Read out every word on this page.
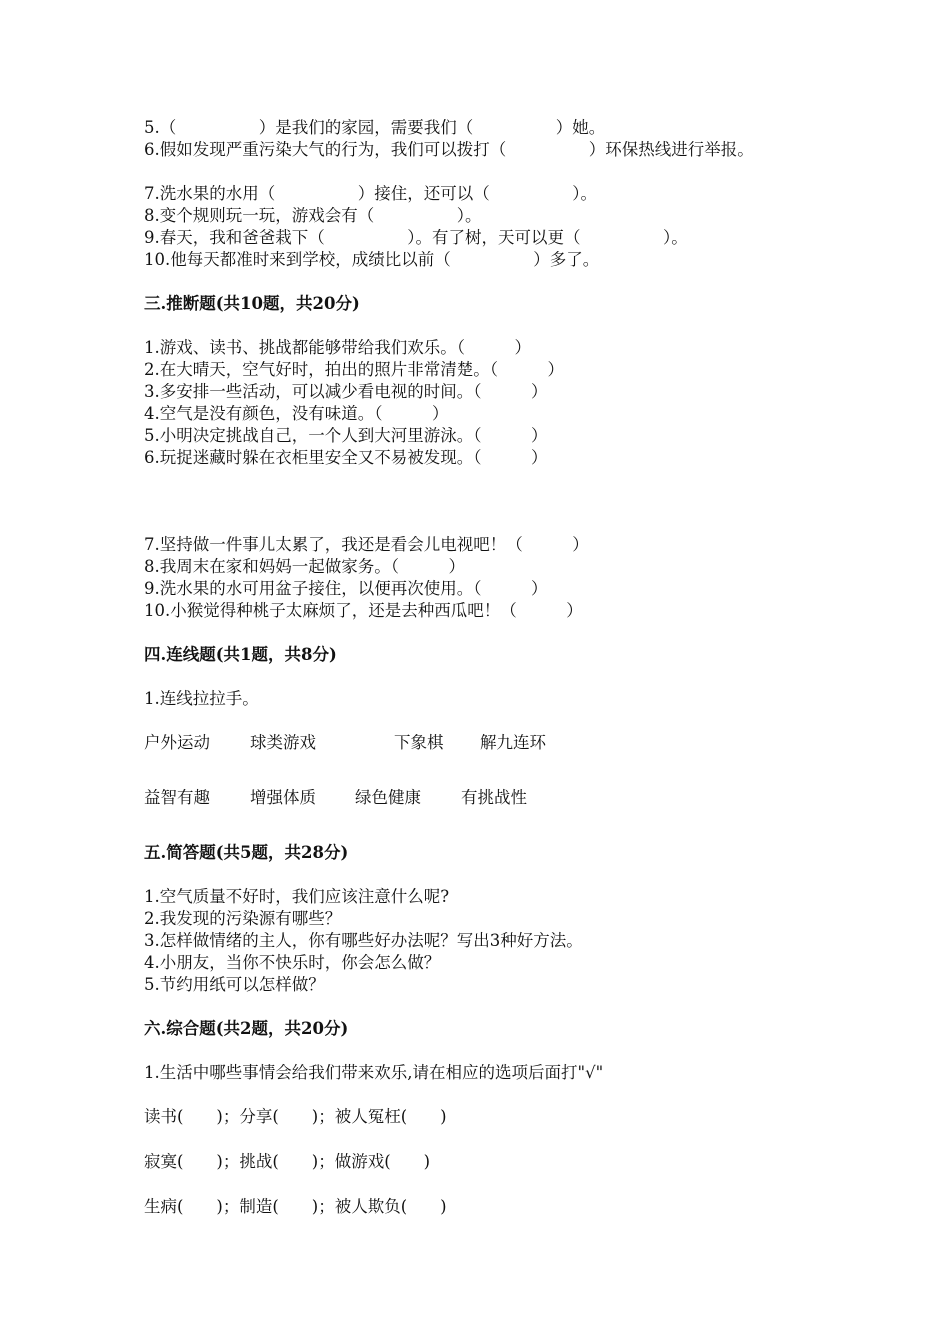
5.（　　　　　）是我们的家园，需要我们（　　　　　）她。
6.假如发现严重污染大气的行为，我们可以拨打（　　　　　）环保热线进行举报。
7.洗水果的水用（　　　　　）接住，还可以（　　　　　）。
8.变个规则玩一玩，游戏会有（　　　　　）。
9.春天，我和爸爸栽下（　　　　　）。有了树，天可以更（　　　　　）。
10.他每天都准时来到学校，成绩比以前（　　　　　）多了。
三.推断题(共10题，共20分)
1.游戏、读书、挑战都能够带给我们欢乐。（　　　）
2.在大晴天，空气好时，拍出的照片非常清楚。（　　　）
3.多安排一些活动，可以减少看电视的时间。（　　　）
4.空气是没有颜色，没有味道。（　　　）
5.小明决定挑战自己，一个人到大河里游泳。（　　　）
6.玩捉迷藏时躲在衣柜里安全又不易被发现。（　　　）
7.坚持做一件事儿太累了，我还是看会儿电视吧！（　　　）
8.我周末在家和妈妈一起做家务。（　　　）
9.洗水果的水可用盆子接住，以便再次使用。（　　　）
10.小猴觉得种桃子太麻烦了，还是去种西瓜吧！（　　　）
四.连线题(共1题，共8分)
1.连线拉拉手。
户外运动 球类游戏	下象棋 解九连环
益智有趣 增强体质 绿色健康 有挑战性
五.简答题(共5题，共28分)
1.空气质量不好时，我们应该注意什么呢?
2.我发现的污染源有哪些？
3.怎样做情绪的主人，你有哪些好办法呢？写出3种好方法。
4.小朋友，当你不快乐时，你会怎么做？
5.节约用纸可以怎样做？
六.综合题(共2题，共20分)
1.生活中哪些事情会给我们带来欢乐,请在相应的选项后面打"√"
读书(　　)；分享(　　)；被人冤枉(　　)
寂寞(　　)；挑战(　　)；做游戏(　　)
生病(　　)；制造(　　)；被人欺负(　　)
